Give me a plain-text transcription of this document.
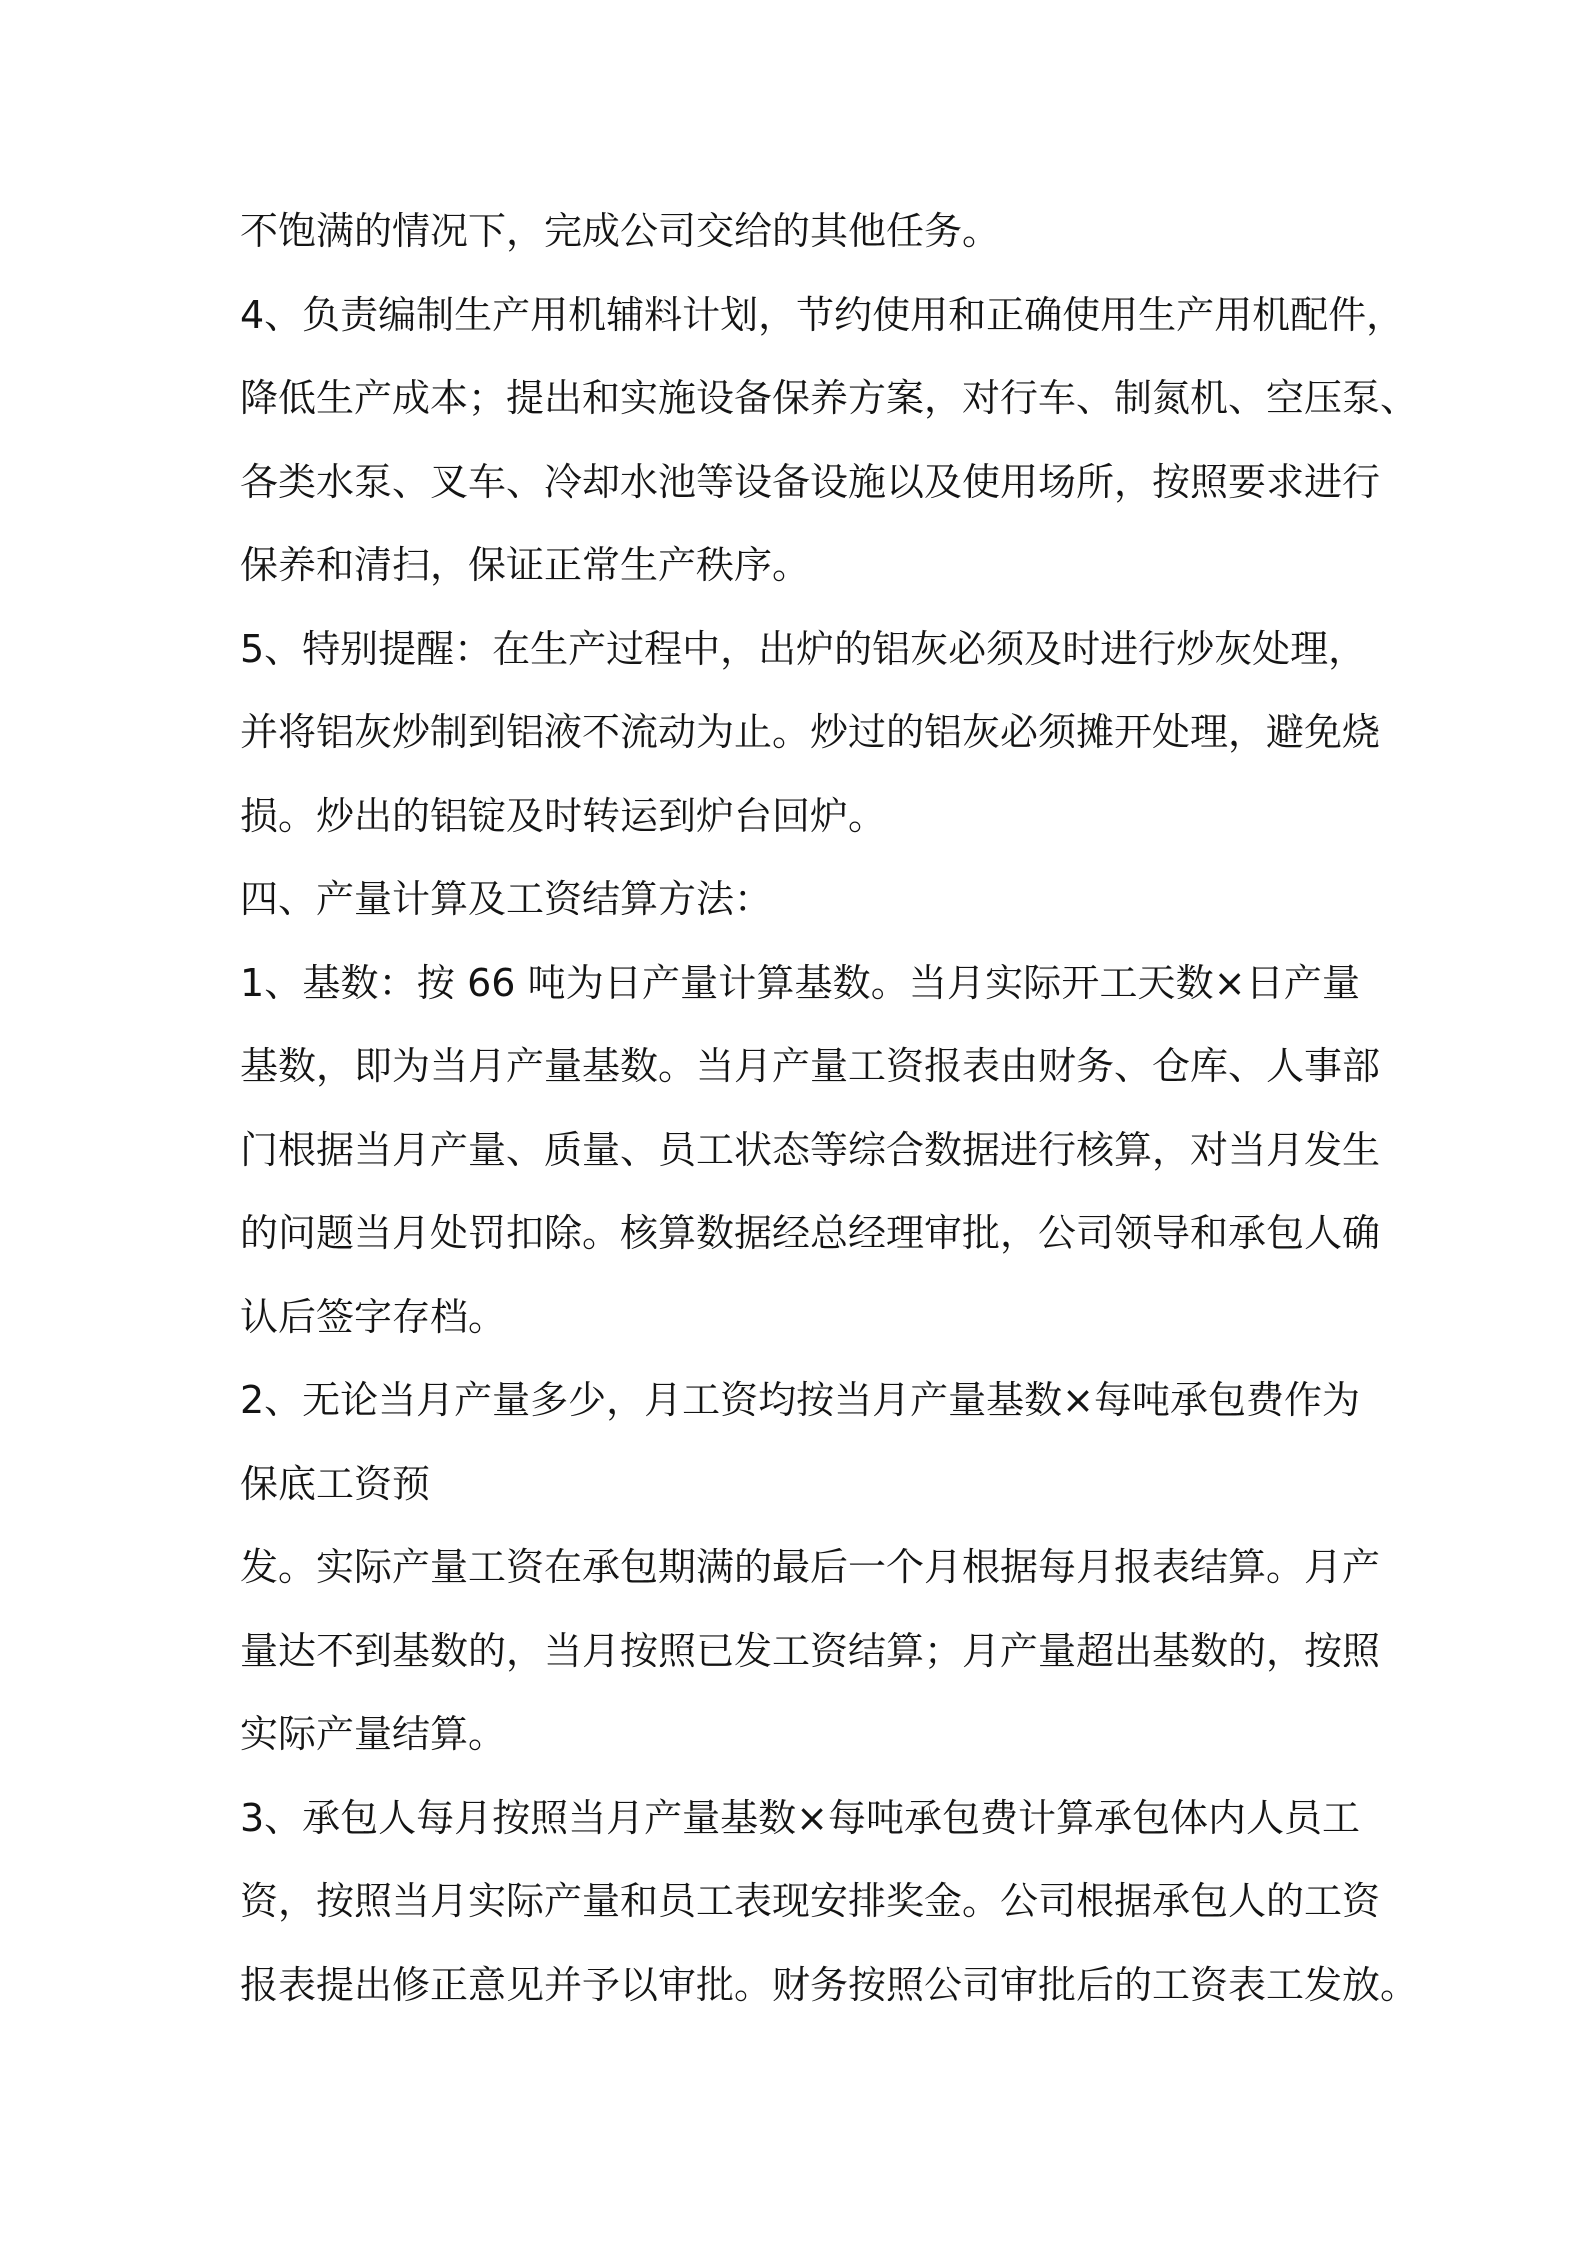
不饱满的情况下，完成公司交给的其他任务。
4、负责编制生产用机辅料计划，节约使用和正确使用生产用机配件，
降低生产成本；提出和实施设备保养方案，对行车、制氮机、空压泵、
各类水泵、叉车、冷却水池等设备设施以及使用场所，按照要求进行
保养和清扫，保证正常生产秩序。
5、特别提醒：在生产过程中，出炉的铝灰必须及时进行炒灰处理，
并将铝灰炒制到铝液不流动为止。炒过的铝灰必须摊开处理，避免烧
损。炒出的铝锭及时转运到炉台回炉。
四、产量计算及工资结算方法：
1、基数：按 66 吨为日产量计算基数。当月实际开工天数×日产量
基数，即为当月产量基数。当月产量工资报表由财务、仓库、人事部
门根据当月产量、质量、员工状态等综合数据进行核算，对当月发生
的问题当月处罚扣除。核算数据经总经理审批，公司领导和承包人确
认后签字存档。
2、无论当月产量多少，月工资均按当月产量基数×每吨承包费作为
保底工资预
发。实际产量工资在承包期满的最后一个月根据每月报表结算。月产
量达不到基数的，当月按照已发工资结算；月产量超出基数的，按照
实际产量结算。
3、承包人每月按照当月产量基数×每吨承包费计算承包体内人员工
资，按照当月实际产量和员工表现安排奖金。公司根据承包人的工资
报表提出修正意见并予以审批。财务按照公司审批后的工资表工发放。
